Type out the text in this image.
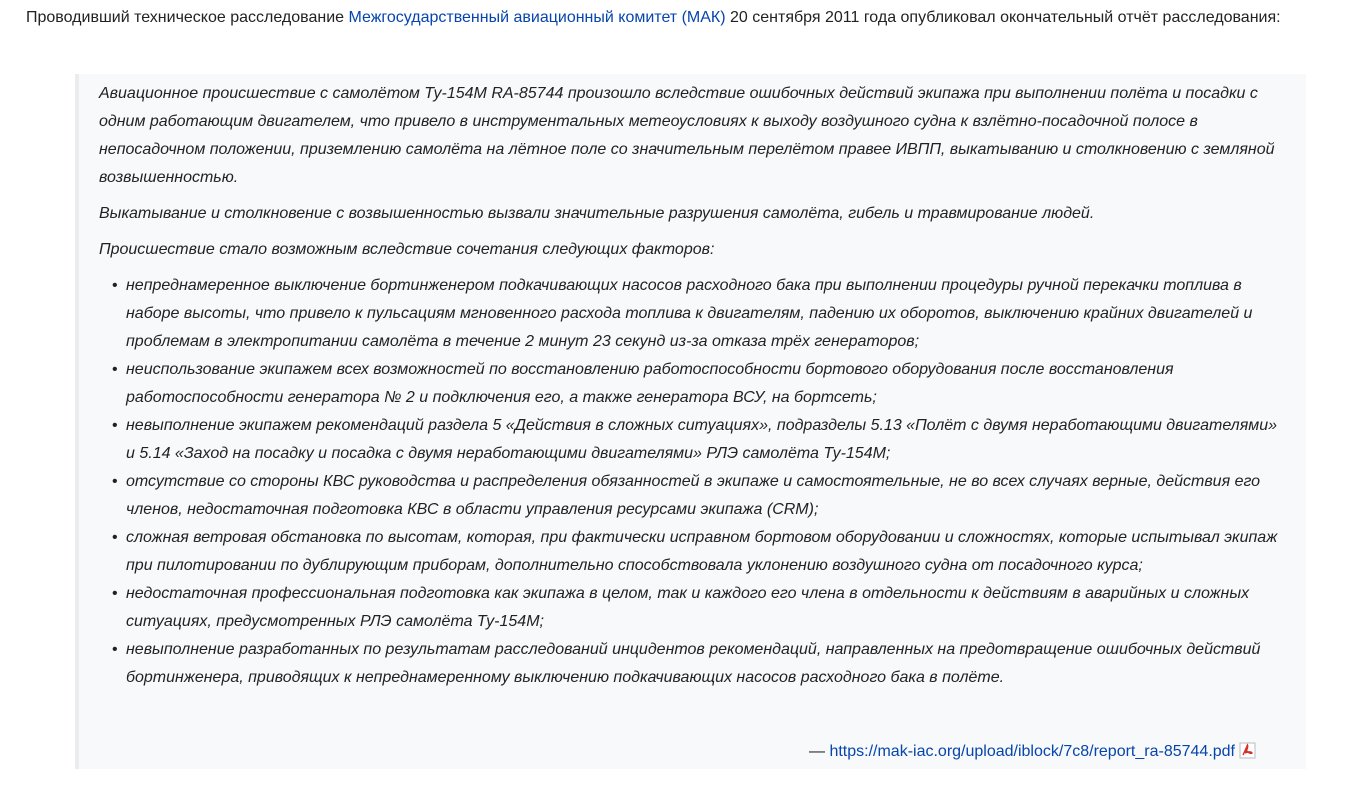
Проводивший техническое расследование Межгосударственный авиационный комитет (МАК) 20 сентября 2011 года опубликовал окончательный отчёт расследования:

Авиационное происшествие с самолётом Ту-154М RA-85744 произошло вследствие ошибочных действий экипажа при выполнении полёта и посадки с одним работающим двигателем, что привело в инструментальных метеоусловиях к выходу воздушного судна к взлётно-посадочной полосе в непосадочном положении, приземлению самолёта на лётное поле со значительным перелётом правее ИВПП, выкатыванию и столкновению с земляной возвышенностью.

Выкатывание и столкновение с возвышенностью вызвали значительные разрушения самолёта, гибель и травмирование людей.

Происшествие стало возможным вследствие сочетания следующих факторов:

• непреднамеренное выключение бортинженером подкачивающих насосов расходного бака при выполнении процедуры ручной перекачки топлива в наборе высоты, что привело к пульсациям мгновенного расхода топлива к двигателям, падению их оборотов, выключению крайних двигателей и проблемам в электропитании самолёта в течение 2 минут 23 секунд из-за отказа трёх генераторов;
• неиспользование экипажем всех возможностей по восстановлению работоспособности бортового оборудования после восстановления работоспособности генератора № 2 и подключения его, а также генератора ВСУ, на бортсеть;
• невыполнение экипажем рекомендаций раздела 5 «Действия в сложных ситуациях», подразделы 5.13 «Полёт с двумя неработающими двигателями» и 5.14 «Заход на посадку и посадка с двумя неработающими двигателями» РЛЭ самолёта Ту-154М;
• отсутствие со стороны КВС руководства и распределения обязанностей в экипаже и самостоятельные, не во всех случаях верные, действия его членов, недостаточная подготовка КВС в области управления ресурсами экипажа (CRM);
• сложная ветровая обстановка по высотам, которая, при фактически исправном бортовом оборудовании и сложностях, которые испытывал экипаж при пилотировании по дублирующим приборам, дополнительно способствовала уклонению воздушного судна от посадочного курса;
• недостаточная профессиональная подготовка как экипажа в целом, так и каждого его члена в отдельности к действиям в аварийных и сложных ситуациях, предусмотренных РЛЭ самолёта Ту-154М;
• невыполнение разработанных по результатам расследований инцидентов рекомендаций, направленных на предотвращение ошибочных действий бортинженера, приводящих к непреднамеренному выключению подкачивающих насосов расходного бака в полёте.
— https://mak-iac.org/upload/iblock/7c8/report_ra-85744.pdf
